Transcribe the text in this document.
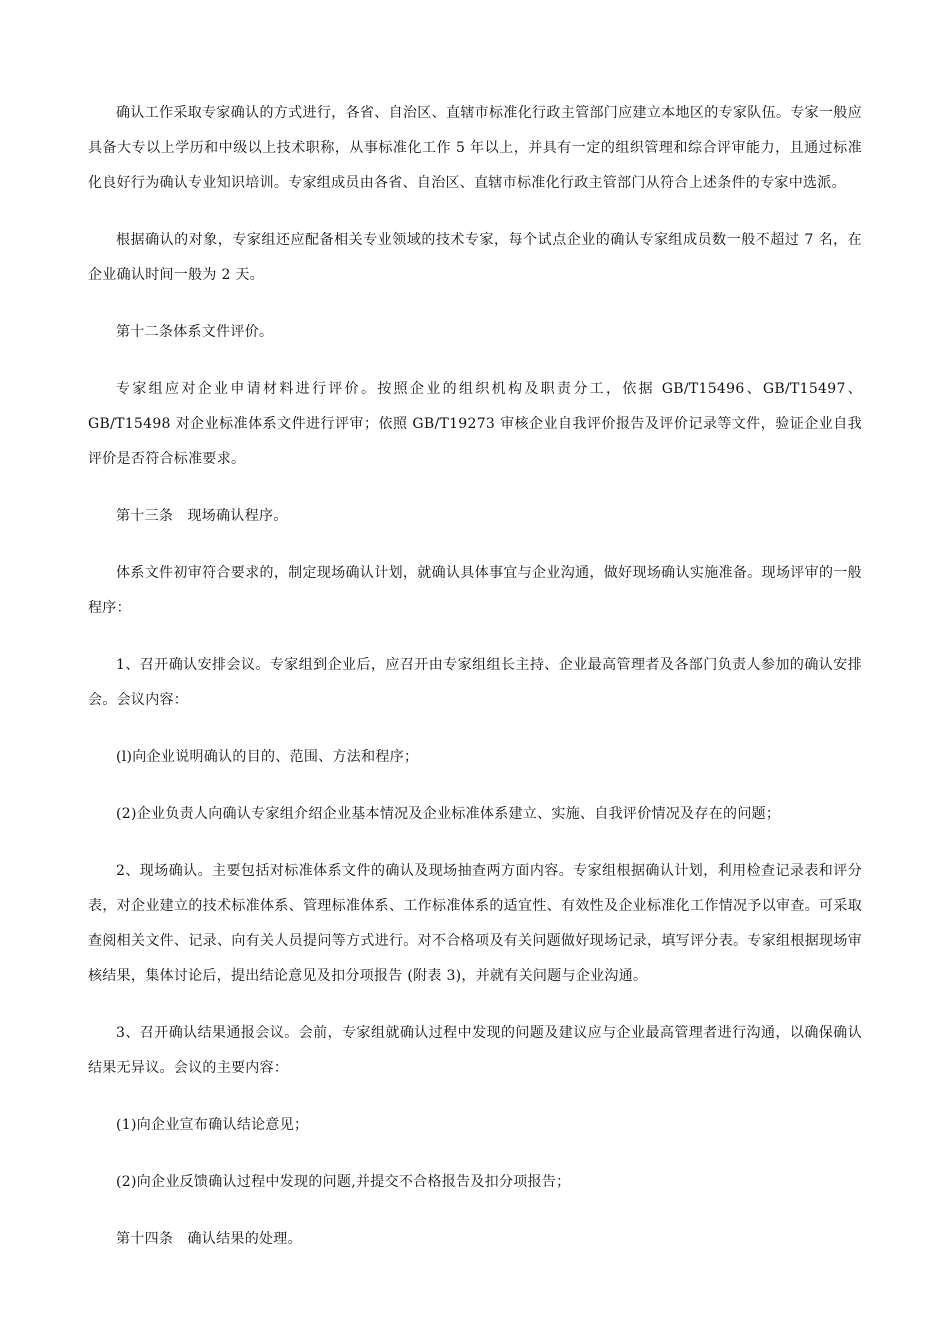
确认工作采取专家确认的方式进行，各省、自治区、直辖市标准化行政主管部门应建立本地区的专家队伍。专家一般应具备大专以上学历和中级以上技术职称，从事标准化工作 5 年以上，并具有一定的组织管理和综合评审能力，且通过标准化良好行为确认专业知识培训。专家组成员由各省、自治区、直辖市标准化行政主管部门从符合上述条件的专家中选派。

根据确认的对象，专家组还应配备相关专业领域的技术专家，每个试点企业的确认专家组成员数一般不超过 7 名，在企业确认时间一般为 2 天。

第十二条体系文件评价。

专家组应对企业申请材料进行评价。按照企业的组织机构及职责分工，依据 GB/T15496、GB/T15497、GB/T15498 对企业标准体系文件进行评审；依照 GB/T19273 审核企业自我评价报告及评价记录等文件，验证企业自我评价是否符合标准要求。

第十三条　现场确认程序。

体系文件初审符合要求的，制定现场确认计划，就确认具体事宜与企业沟通，做好现场确认实施准备。现场评审的一般程序：

1、召开确认安排会议。专家组到企业后，应召开由专家组组长主持、企业最高管理者及各部门负责人参加的确认安排会。会议内容：

(l)向企业说明确认的目的、范围、方法和程序；

(2)企业负责人向确认专家组介绍企业基本情况及企业标准体系建立、实施、自我评价情况及存在的问题；

2、现场确认。主要包括对标准体系文件的确认及现场抽查两方面内容。专家组根据确认计划，利用检查记录表和评分表，对企业建立的技术标准体系、管理标准体系、工作标准体系的适宜性、有效性及企业标准化工作情况予以审查。可采取查阅相关文件、记录、向有关人员提问等方式进行。对不合格项及有关问题做好现场记录，填写评分表。专家组根据现场审核结果，集体讨论后，提出结论意见及扣分项报告 (附表 3)，并就有关问题与企业沟通。

3、召开确认结果通报会议。会前，专家组就确认过程中发现的问题及建议应与企业最高管理者进行沟通，以确保确认结果无异议。会议的主要内容：

(1)向企业宣布确认结论意见；

(2)向企业反馈确认过程中发现的问题,并提交不合格报告及扣分项报告；

第十四条　确认结果的处理。
